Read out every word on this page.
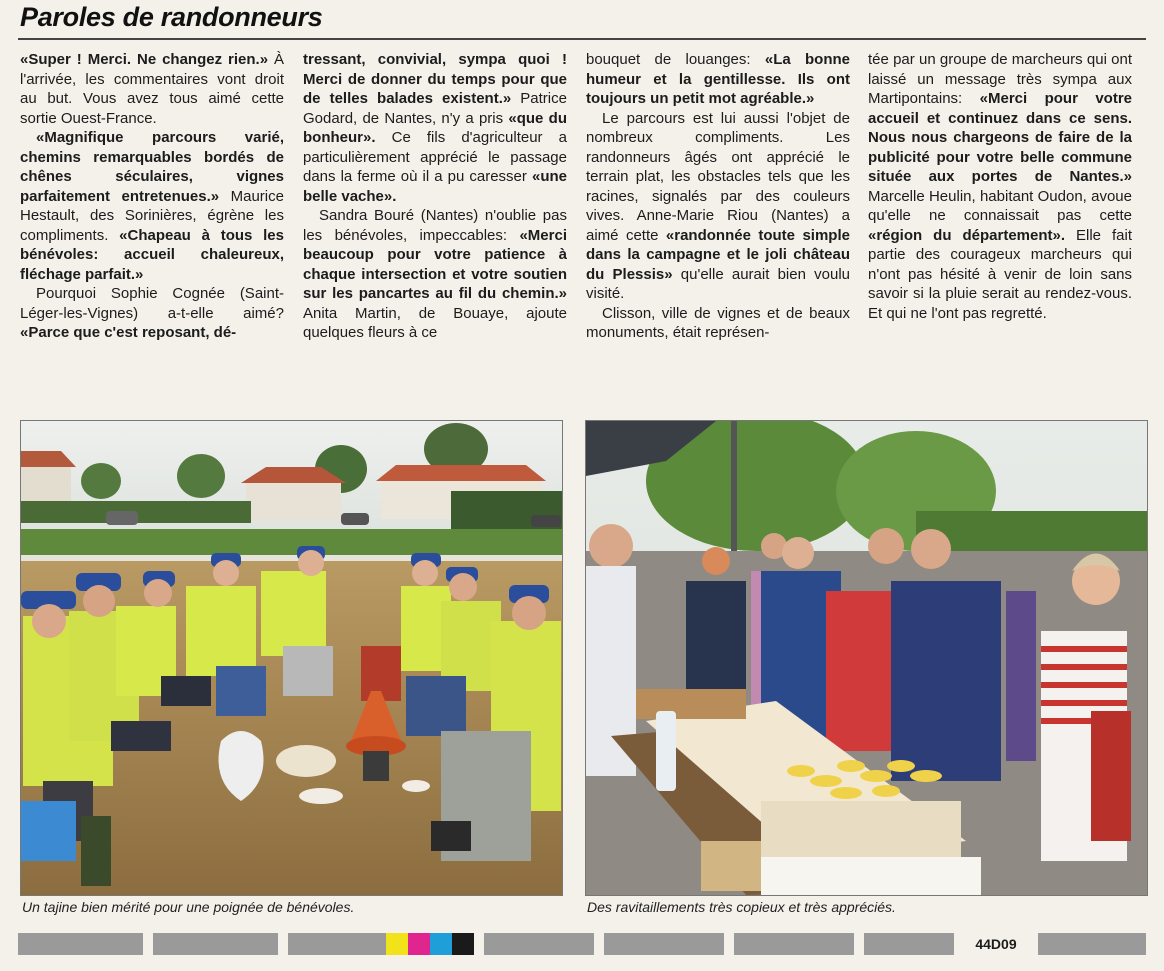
Paroles de randonneurs

«Super ! Merci. Ne changez rien.» À l'arrivée, les commentaires vont droit au but. Vous avez tous aimé cette sortie Ouest-France.

«Magnifique parcours varié, chemins remarquables bordés de chênes séculaires, vignes parfaitement entretenues.» Maurice Hestault, des Sorinières, égrène les compliments. «Chapeau à tous les bénévoles: accueil chaleureux, fléchage parfait.»

Pourquoi Sophie Cognée (Saint-Léger-les-Vignes) a-t-elle aimé? «Parce que c'est reposant, dé-

tressant, convivial, sympa quoi ! Merci de donner du temps pour que de telles balades existent.» Patrice Godard, de Nantes, n'y a pris «que du bonheur». Ce fils d'agriculteur a particulièrement apprécié le passage dans la ferme où il a pu caresser «une belle vache».

Sandra Bouré (Nantes) n'oublie pas les bénévoles, impeccables: «Merci beaucoup pour votre patience à chaque intersection et votre soutien sur les pancartes au fil du chemin.» Anita Martin, de Bouaye, ajoute quelques fleurs à ce

bouquet de louanges: «La bonne humeur et la gentillesse. Ils ont toujours un petit mot agréable.»

Le parcours est lui aussi l'objet de nombreux compliments. Les randonneurs âgés ont apprécié le terrain plat, les obstacles tels que les racines, signalés par des couleurs vives. Anne-Marie Riou (Nantes) a aimé cette «randonnée toute simple dans la campagne et le joli château du Plessis» qu'elle aurait bien voulu visité.

Clisson, ville de vignes et de beaux monuments, était représen-

tée par un groupe de marcheurs qui ont laissé un message très sympa aux Martipontains: «Merci pour votre accueil et continuez dans ce sens. Nous nous chargeons de faire de la publicité pour votre belle commune située aux portes de Nantes.» Marcelle Heulin, habitant Oudon, avoue qu'elle ne connaissait pas cette «région du département». Elle fait partie des courageux marcheurs qui n'ont pas hésité à venir de loin sans savoir si la pluie serait au rendez-vous. Et qui ne l'ont pas regretté.

Un tajine bien mérité pour une poignée de bénévoles.	Des ravitaillements très copieux et très appréciés.
44D09
